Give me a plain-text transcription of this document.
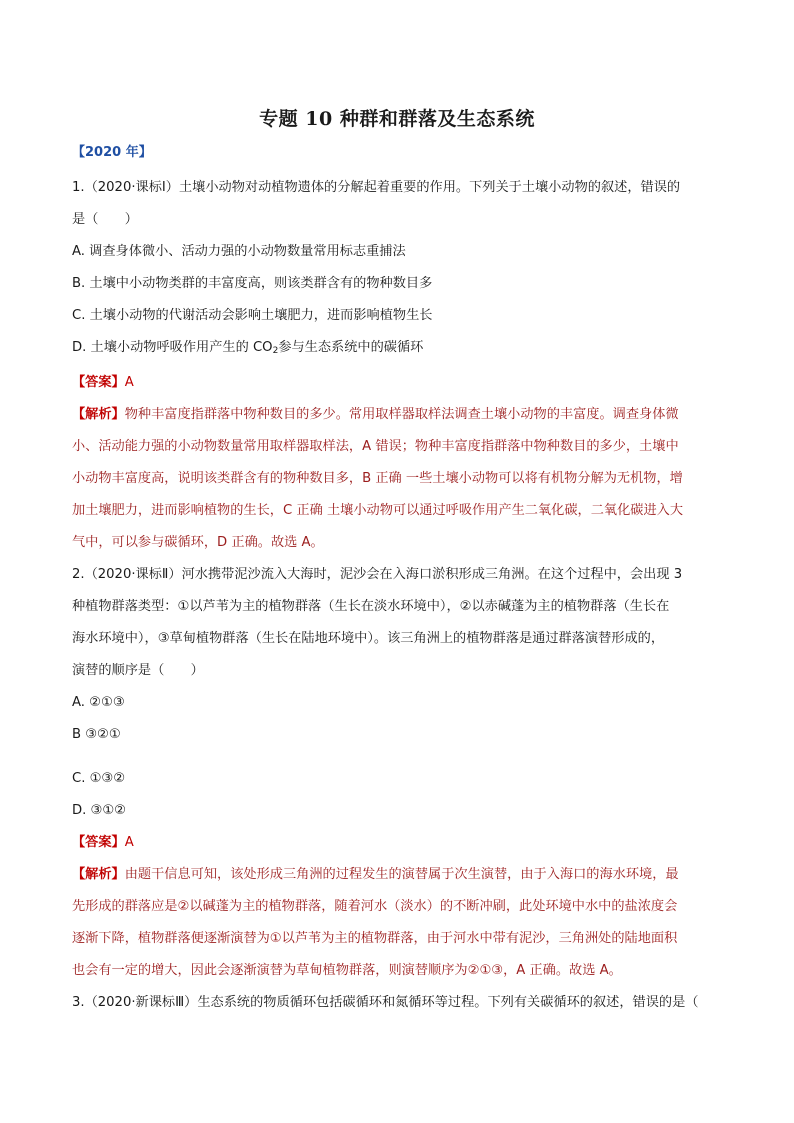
专题 10 种群和群落及生态系统

【2020 年】

1.（2020·课标Ⅰ）土壤小动物对动植物遗体的分解起着重要的作用。下列关于土壤小动物的叙述，错误的

是（　　）

A. 调查身体微小、活动力强的小动物数量常用标志重捕法

B. 土壤中小动物类群的丰富度高，则该类群含有的物种数目多

C. 土壤小动物的代谢活动会影响土壤肥力，进而影响植物生长

D. 土壤小动物呼吸作用产生的 $CO_2$参与生态系统中的碳循环

【答案】A

【解析】物种丰富度指群落中物种数目的多少。常用取样器取样法调查土壤小动物的丰富度。调查身体微

小、活动能力强的小动物数量常用取样器取样法，A 错误；物种丰富度指群落中物种数目的多少，土壤中

小动物丰富度高，说明该类群含有的物种数目多，B 正确 一些土壤小动物可以将有机物分解为无机物，增

加土壤肥力，进而影响植物的生长，C 正确 土壤小动物可以通过呼吸作用产生二氧化碳，二氧化碳进入大

气中，可以参与碳循环，D 正确。故选 A。

2.（2020·课标Ⅱ）河水携带泥沙流入大海时，泥沙会在入海口淤积形成三角洲。在这个过程中，会出现 3

种植物群落类型：①以芦苇为主的植物群落（生长在淡水环境中），②以赤碱蓬为主的植物群落（生长在

海水环境中），③草甸植物群落（生长在陆地环境中）。该三角洲上的植物群落是通过群落演替形成的，

演替的顺序是（　　）

A. ②①③

B ③②①

C. ①③②

D. ③①②

【答案】A

【解析】由题干信息可知，该处形成三角洲的过程发生的演替属于次生演替，由于入海口的海水环境，最

先形成的群落应是②以碱蓬为主的植物群落，随着河水（淡水）的不断冲刷，此处环境中水中的盐浓度会

逐渐下降，植物群落便逐渐演替为①以芦苇为主的植物群落，由于河水中带有泥沙，三角洲处的陆地面积

也会有一定的增大，因此会逐渐演替为草甸植物群落，则演替顺序为②①③，A 正确。故选 A。

3.（2020·新课标Ⅲ）生态系统的物质循环包括碳循环和氮循环等过程。下列有关碳循环的叙述，错误的是（
